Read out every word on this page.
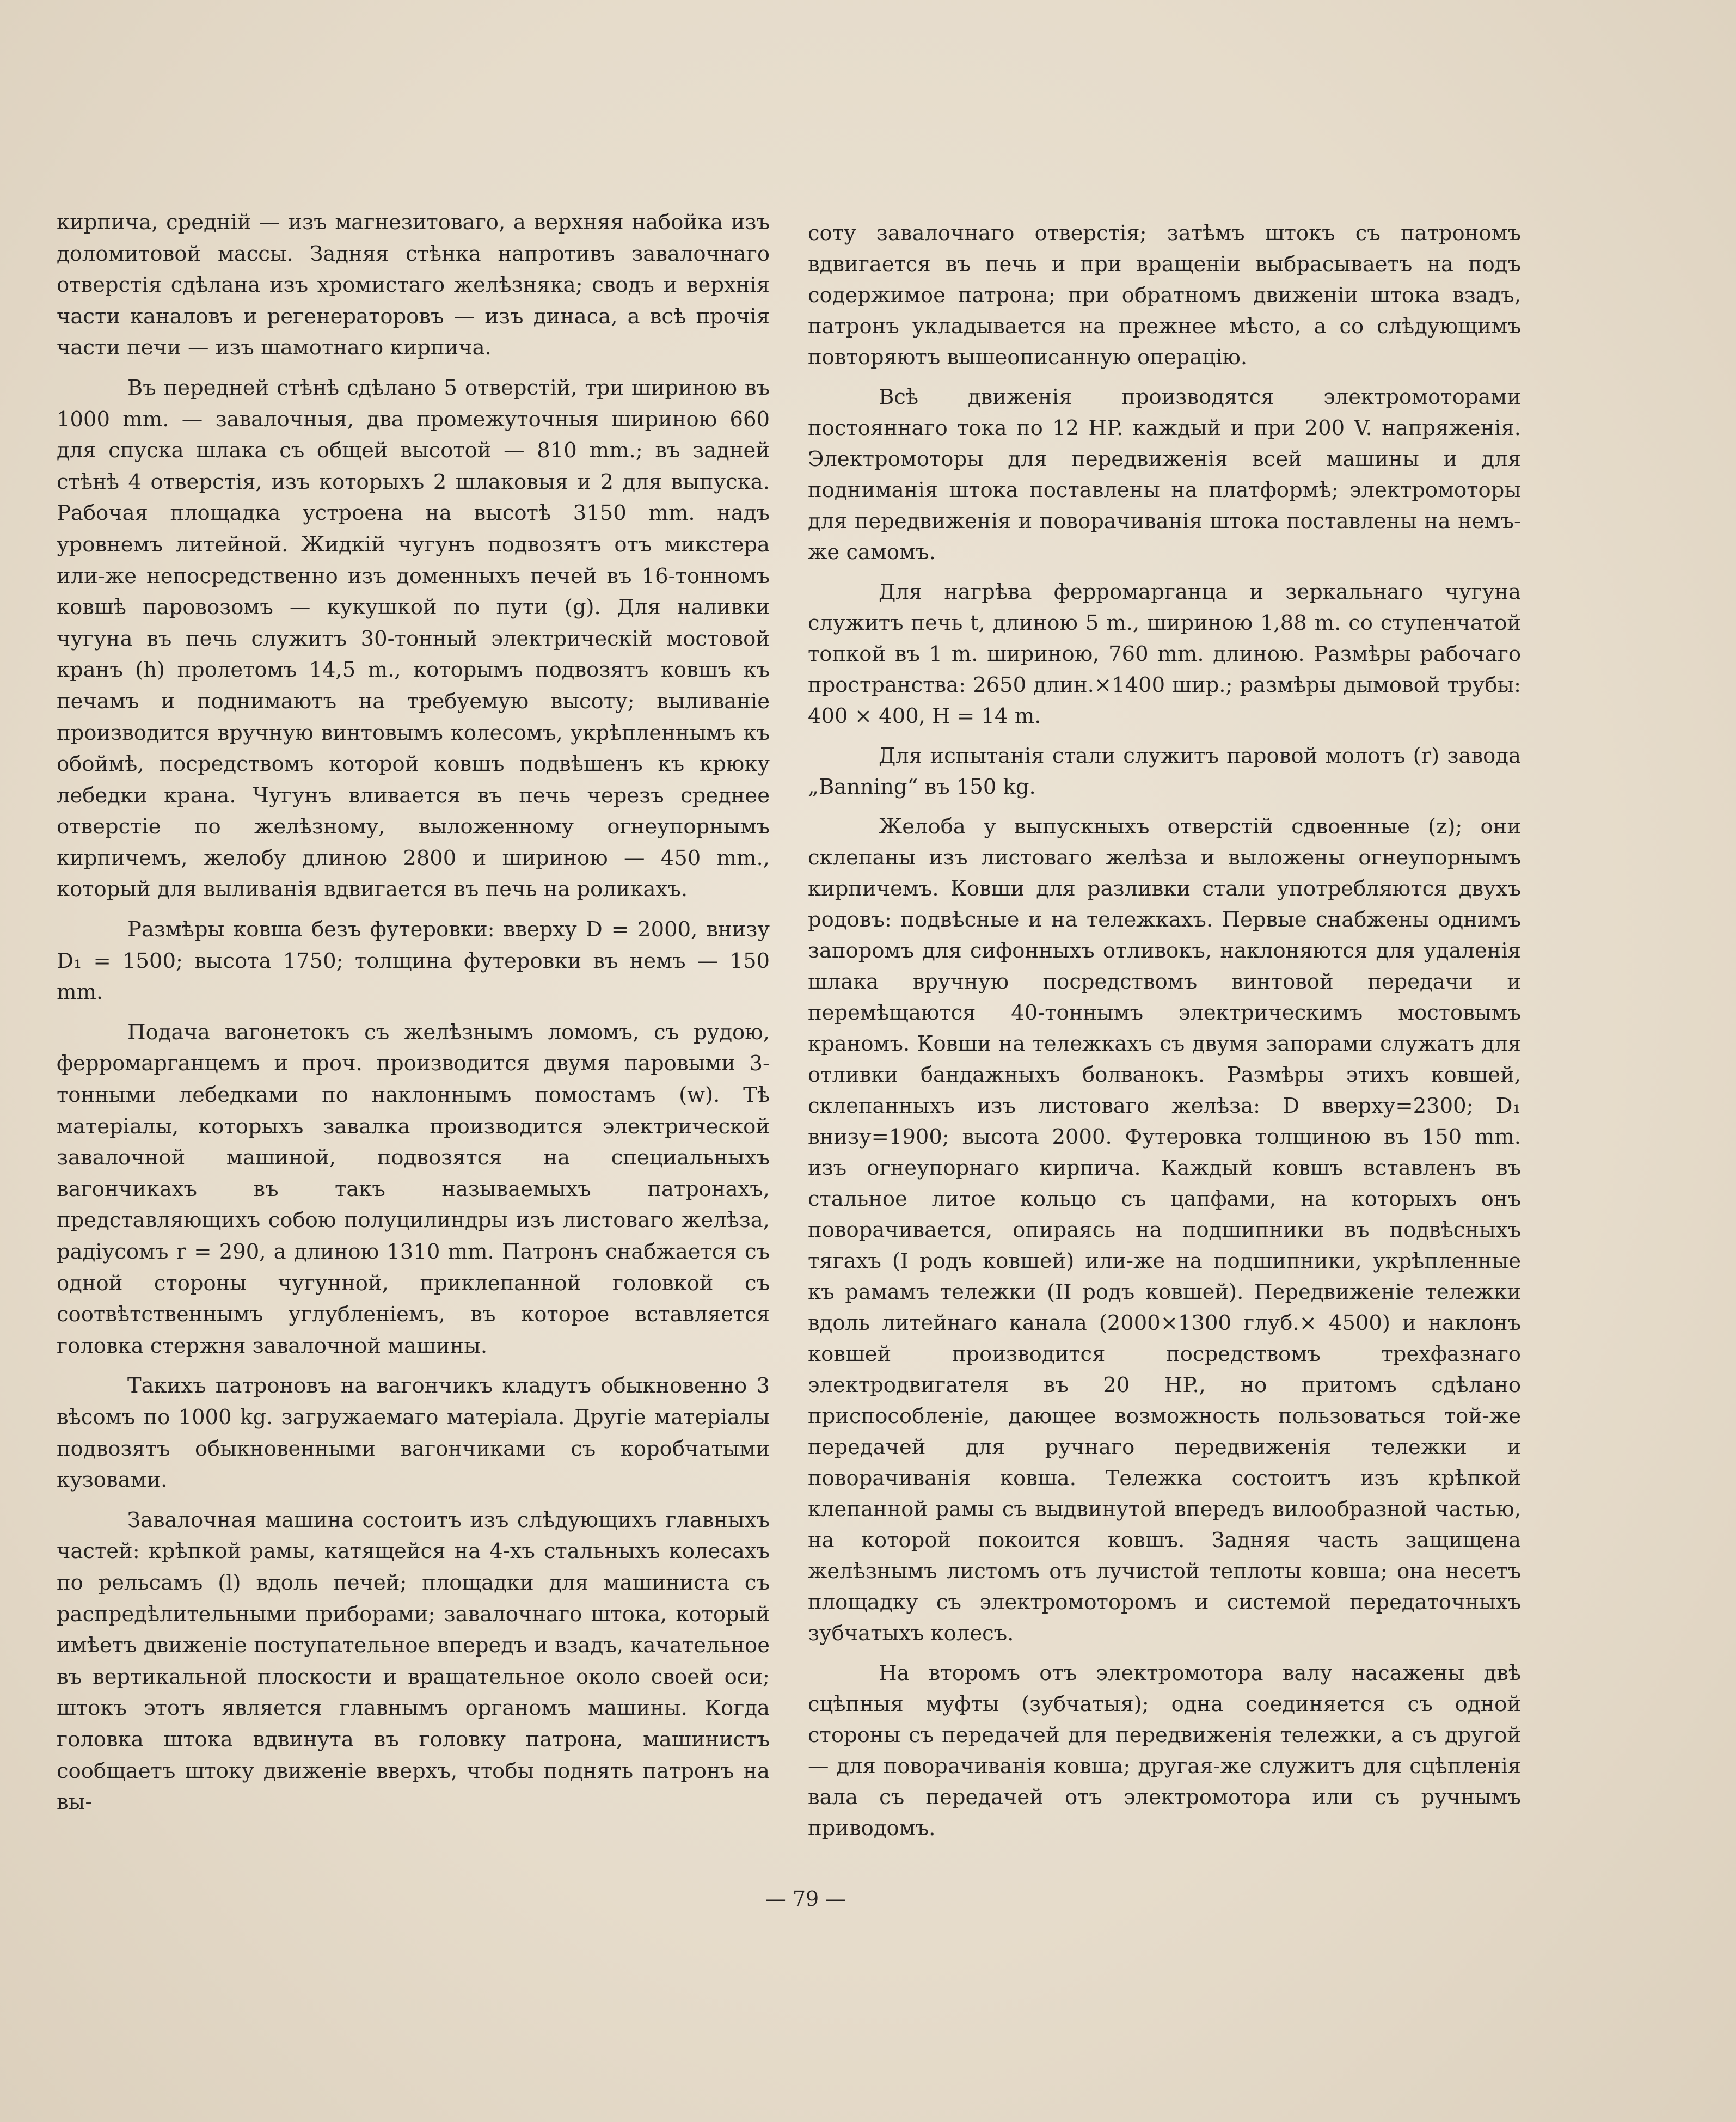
кирпича, среднiй — изъ магнезитоваго, а верхняя набойка изъ доломитовой массы. Задняя стѣнка напротивъ завалочнаго отверстiя сдѣлана изъ хромистаго желѣзняка; сводъ и верхнiя части каналовъ и регенераторовъ — изъ динаса, а всѣ прочiя части печи — изъ шамотнаго кирпича.

Въ передней стѣнѣ сдѣлано 5 отверстiй, три шириною въ 1000 mm. — завалочныя, два промежуточныя шириною 660 для спуска шлака съ общей высотой — 810 mm.; въ задней стѣнѣ 4 отверстiя, изъ которыхъ 2 шлаковыя и 2 для выпуска. Рабочая площадка устроена на высотѣ 3150 mm. надъ уровнемъ литейной. Жидкiй чугунъ подвозятъ отъ микстера или-же непосредственно изъ доменныхъ печей въ 16-тонномъ ковшѣ паровозомъ — кукушкой по пути (g). Для наливки чугуна въ печь служитъ 30-тонный электрическiй мостовой кранъ (h) пролетомъ 14,5 m., которымъ подвозятъ ковшъ къ печамъ и поднимаютъ на требуемую высоту; выливанiе производится вручную винтовымъ колесомъ, укрѣпленнымъ къ обоймѣ, посредствомъ которой ковшъ подвѣшенъ къ крюку лебедки крана. Чугунъ вливается въ печь черезъ среднее отверстiе по желѣзному, выложенному огнеупорнымъ кирпичемъ, желобу длиною 2800 и шириною — 450 mm., который для выливанiя вдвигается въ печь на роликахъ.

Размѣры ковша безъ футеровки: вверху D = 2000, внизу D₁ = 1500; высота 1750; толщина футеровки въ немъ — 150 mm.

Подача вагонетокъ съ желѣзнымъ ломомъ, съ рудою, ферромарганцемъ и проч. производится двумя паровыми 3-тонными лебедками по наклоннымъ помостамъ (w). Тѣ матерiалы, которыхъ завалка производится электрической завалочной машиной, подвозятся на специальныхъ вагончикахъ въ такъ называемыхъ патронахъ, представляющихъ собою полуцилиндры изъ листоваго желѣза, радiусомъ r = 290, а длиною 1310 mm. Патронъ снабжается съ одной стороны чугунной, приклепанной головкой съ соотвѣтственнымъ углубленiемъ, въ которое вставляется головка стержня завалочной машины.

Такихъ патроновъ на вагончикъ кладутъ обыкновенно 3 вѣсомъ по 1000 kg. загружаемаго матерiала. Другiе матерiалы подвозятъ обыкновенными вагончиками съ коробчатыми кузовами.

Завалочная машина состоитъ изъ слѣдующихъ главныхъ частей: крѣпкой рамы, катящейся на 4-хъ стальныхъ колесахъ по рельсамъ (l) вдоль печей; площадки для машиниста съ распредѣлительными приборами; завалочнаго штока, который имѣетъ движенiе поступательное впередъ и взадъ, качательное въ вертикальной плоскости и вращательное около своей оси; штокъ этотъ является главнымъ органомъ машины. Когда головка штока вдвинута въ головку патрона, машинистъ сообщаетъ штоку движенiе вверхъ, чтобы поднять патронъ на вы-

соту завалочнаго отверстiя; затѣмъ штокъ съ патрономъ вдвигается въ печь и при вращенiи выбрасываетъ на подъ содержимое патрона; при обратномъ движенiи штока взадъ, патронъ укладывается на прежнее мѣсто, а со слѣдующимъ повторяютъ вышеописанную операцiю.

Всѣ движенiя производятся электромоторами постояннаго тока по 12 HP. каждый и при 200 V. напряженiя. Электромоторы для передвиженiя всей машины и для подниманiя штока поставлены на платформѣ; электромоторы для передвиженiя и поворачиванiя штока поставлены на немъ-же самомъ.

Для нагрѣва ферромарганца и зеркальнаго чугуна служитъ печь t, длиною 5 m., шириною 1,88 m. со ступенчатой топкой въ 1 m. шириною, 760 mm. длиною. Размѣры рабочаго пространства: 2650 длин.×1400 шир.; размѣры дымовой трубы: 400 × 400, H = 14 m.

Для испытанiя стали служитъ паровой молотъ (r) завода „Banning“ въ 150 kg.

Желоба у выпускныхъ отверстiй сдвоенные (z); они склепаны изъ листоваго желѣза и выложены огнеупорнымъ кирпичемъ. Ковши для разливки стали употребляются двухъ родовъ: подвѣсные и на тележкахъ. Первые снабжены однимъ запоромъ для сифонныхъ отливокъ, наклоняются для удаленiя шлака вручную посредствомъ винтовой передачи и перемѣщаются 40-тоннымъ электрическимъ мостовымъ краномъ. Ковши на тележкахъ съ двумя запорами служатъ для отливки бандажныхъ болванокъ. Размѣры этихъ ковшей, склепанныхъ изъ листоваго желѣза: D вверху=2300; D₁ внизу=1900; высота 2000. Футеровка толщиною въ 150 mm. изъ огнеупорнаго кирпича. Каждый ковшъ вставленъ въ стальное литое кольцо съ цапфами, на которыхъ онъ поворачивается, опираясь на подшипники въ подвѣсныхъ тягахъ (I родъ ковшей) или-же на подшипники, укрѣпленные къ рамамъ тележки (II родъ ковшей). Передвиженiе тележки вдоль литейнаго канала (2000×1300 глуб.× 4500) и наклонъ ковшей производится посредствомъ трехфазнаго электродвигателя въ 20 HP., но притомъ сдѣлано приспособленiе, дающее возможность пользоваться той-же передачей для ручнаго передвиженiя тележки и поворачиванiя ковша. Тележка состоитъ изъ крѣпкой клепанной рамы съ выдвинутой впередъ вилообразной частью, на которой покоится ковшъ. Задняя часть защищена желѣзнымъ листомъ отъ лучистой теплоты ковша; она несетъ площадку съ электромоторомъ и системой передаточныхъ зубчатыхъ колесъ.

На второмъ отъ электромотора валу насажены двѣ сцѣпныя муфты (зубчатыя); одна соединяется съ одной стороны съ передачей для передвиженiя тележки, а съ другой — для поворачиванiя ковша; другая-же служитъ для сцѣпленiя вала съ передачей отъ электромотора или съ ручнымъ приводомъ.

— 79 —
